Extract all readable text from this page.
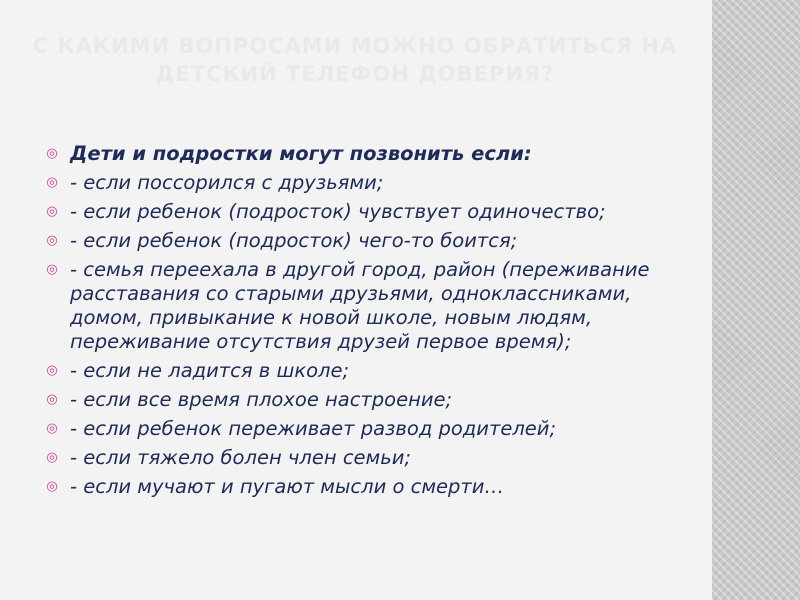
С КАКИМИ ВОПРОСАМИ МОЖНО ОБРАТИТЬСЯ НА ДЕТСКИЙ ТЕЛЕФОН ДОВЕРИЯ?
◎ Дети и подростки могут позвонить если:
◎ - если поссорился с друзьями;
◎ - если ребенок (подросток) чувствует одиночество;
◎ - если ребенок (подросток) чего-то боится;
◎ - семья переехала в другой город, район (переживание расставания со старыми друзьями, одноклассниками, домом, привыкание к новой школе, новым людям, переживание отсутствия друзей первое время);
◎ - если не ладится в школе;
◎ - если все время плохое настроение;
◎ - если ребенок переживает развод родителей;
◎ - если тяжело болен член семьи;
◎ - если мучают и пугают мысли о смерти…
